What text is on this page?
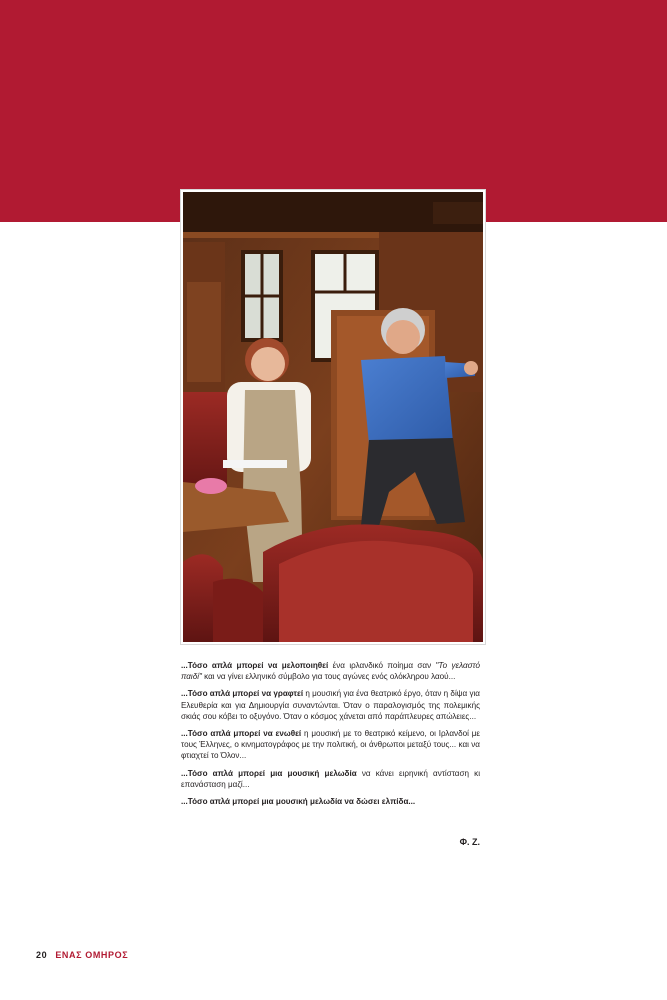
...Τόσο απλά μπορεί να μελοποιηθεί ένα ιρλανδικό ποίημα σαν "Το γελαστό παιδί" και να γίνει ελληνικό σύμβολο για τους αγώνες ενός ολόκληρου λαού...

...Τόσο απλά μπορεί να γραφτεί η μουσική για ένα θεατρικό έργο, όταν η δίψα για Ελευθερία και για Δημιουργία συναντώνται. Όταν ο παραλογισμός της πολεμικής σκιάς σου κόβει το οξυγόνο. Όταν ο κόσμος χάνεται από παράπλευρες απώλειες...

...Τόσο απλά μπορεί να ενωθεί η μουσική με το θεατρικό κείμενο, οι Ιρλανδοί με τους Έλληνες, ο κινηματογράφος με την πολιτική, οι άνθρωποι μεταξύ τους... και να φτιαχτεί το Όλον...

...Τόσο απλά μπορεί μια μουσική μελωδία να κάνει ειρηνική αντίσταση κι επανάσταση μαζί...

...Τόσο απλά μπορεί μια μουσική μελωδία να δώσει ελπίδα...

Φ. Ζ.
20 ΕΝΑΣ ΟΜΗΡΟΣ
